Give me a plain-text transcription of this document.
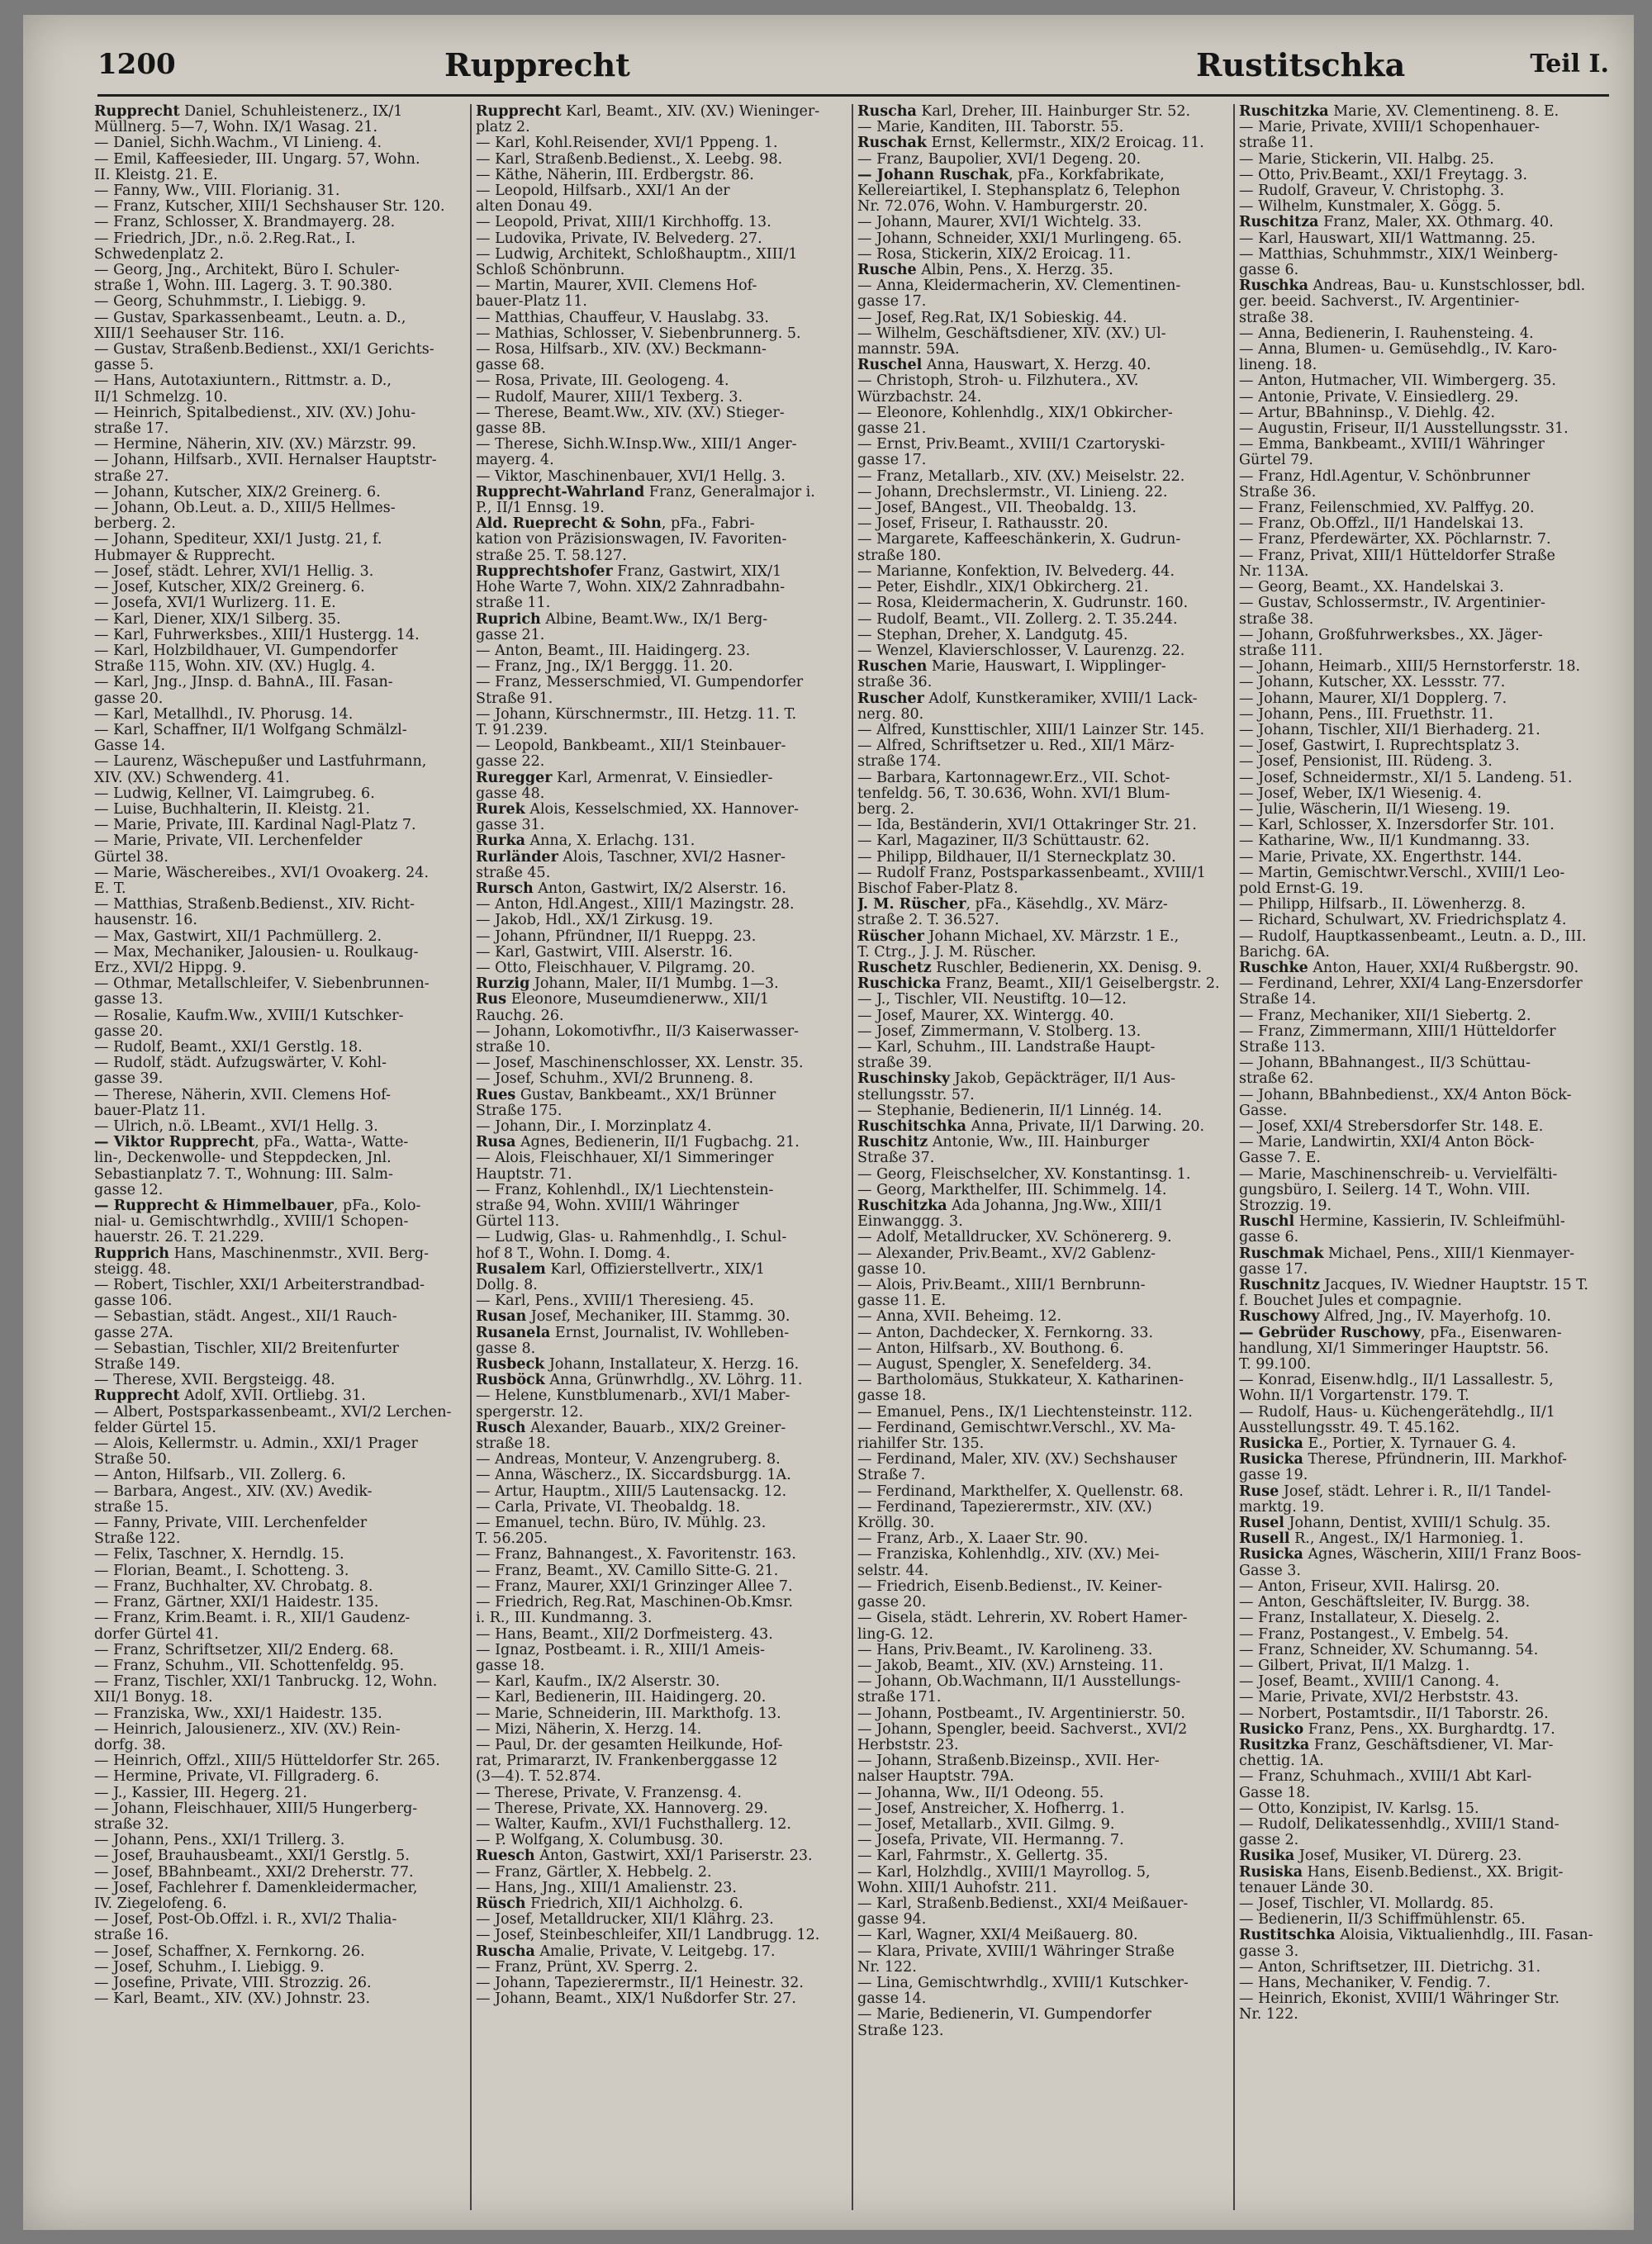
1200	Rupprecht	Rustitschka	Teil I.
Rupprecht Daniel, Schuhleistenerz., IX/1
Müllnerg. 5—7, Wohn. IX/1 Wasag. 21.
— Daniel, Sichh.Wachm., VI Linieng. 4.
— Emil, Kaffeesieder, III. Ungarg. 57, Wohn.
II. Kleistg. 21. E.
— Fanny, Ww., VIII. Florianig. 31.
— Franz, Kutscher, XIII/1 Sechshauser Str. 120.
— Franz, Schlosser, X. Brandmayerg. 28.
— Friedrich, JDr., n.ö. 2.Reg.Rat., I.
Schwedenplatz 2.
— Georg, Jng., Architekt, Büro I. Schuler-
straße 1, Wohn. III. Lagerg. 3. T. 90.380.
— Georg, Schuhmmstr., I. Liebigg. 9.
— Gustav, Sparkassenbeamt., Leutn. a. D.,
XIII/1 Seehauser Str. 116.
— Gustav, Straßenb.Bedienst., XXI/1 Gerichts-
gasse 5.
— Hans, Autotaxiuntern., Rittmstr. a. D.,
II/1 Schmelzg. 10.
— Heinrich, Spitalbedienst., XIV. (XV.) Johu-
straße 17.
— Hermine, Näherin, XIV. (XV.) Märzstr. 99.
— Johann, Hilfsarb., XVII. Hernalser Hauptstr-
straße 27.
— Johann, Kutscher, XIX/2 Greinerg. 6.
— Johann, Ob.Leut. a. D., XIII/5 Hellmes-
berberg. 2.
— Johann, Spediteur, XXI/1 Justg. 21, f.
Hubmayer & Rupprecht.
— Josef, städt. Lehrer, XVI/1 Hellig. 3.
— Josef, Kutscher, XIX/2 Greinerg. 6.
— Josefa, XVI/1 Wurlizerg. 11. E.
— Karl, Diener, XIX/1 Silberg. 35.
— Karl, Fuhrwerksbes., XIII/1 Hustergg. 14.
— Karl, Holzbildhauer, VI. Gumpendorfer
Straße 115, Wohn. XIV. (XV.) Huglg. 4.
— Karl, Jng., JInsp. d. BahnA., III. Fasan-
gasse 20.
— Karl, Metallhdl., IV. Phorusg. 14.
— Karl, Schaffner, II/1 Wolfgang Schmälzl-
Gasse 14.
— Laurenz, Wäschepußer und Lastfuhrmann,
XIV. (XV.) Schwenderg. 41.
— Ludwig, Kellner, VI. Laimgrubeg. 6.
— Luise, Buchhalterin, II. Kleistg. 21.
— Marie, Private, III. Kardinal Nagl-Platz 7.
— Marie, Private, VII. Lerchenfelder
Gürtel 38.
— Marie, Wäschereibes., XVI/1 Ovoakerg. 24.
E. T.
— Matthias, Straßenb.Bedienst., XIV. Richt-
hausenstr. 16.
— Max, Gastwirt, XII/1 Pachmüllerg. 2.
— Max, Mechaniker, Jalousien- u. Roulkaug-
Erz., XVI/2 Hippg. 9.
— Othmar, Metallschleifer, V. Siebenbrunnen-
gasse 13.
— Rosalie, Kaufm.Ww., XVIII/1 Kutschker-
gasse 20.
— Rudolf, Beamt., XXI/1 Gerstlg. 18.
— Rudolf, städt. Aufzugswärter, V. Kohl-
gasse 39.
— Therese, Näherin, XVII. Clemens Hof-
bauer-Platz 11.
— Ulrich, n.ö. LBeamt., XVI/1 Hellg. 3.
— Viktor Rupprecht, pFa., Watta-, Watte-
lin-, Deckenwolle- und Steppdecken, Jnl.
Sebastianplatz 7. T., Wohnung: III. Salm-
gasse 12.
— Rupprecht & Himmelbauer, pFa., Kolo-
nial- u. Gemischtwrhdlg., XVIII/1 Schopen-
hauerstr. 26. T. 21.229.
Rupprich Hans, Maschinenmstr., XVII. Berg-
steigg. 48.
— Robert, Tischler, XXI/1 Arbeiterstrandbad-
gasse 106.
— Sebastian, städt. Angest., XII/1 Rauch-
gasse 27A.
— Sebastian, Tischler, XII/2 Breitenfurter
Straße 149.
— Therese, XVII. Bergsteigg. 48.
Rupprecht Adolf, XVII. Ortliebg. 31.
— Albert, Postsparkassenbeamt., XVI/2 Lerchen-
felder Gürtel 15.
— Alois, Kellermstr. u. Admin., XXI/1 Prager
Straße 50.
— Anton, Hilfsarb., VII. Zollerg. 6.
— Barbara, Angest., XIV. (XV.) Avedik-
straße 15.
— Fanny, Private, VIII. Lerchenfelder
Straße 122.
— Felix, Taschner, X. Herndlg. 15.
— Florian, Beamt., I. Schotteng. 3.
— Franz, Buchhalter, XV. Chrobatg. 8.
— Franz, Gärtner, XXI/1 Haidestr. 135.
— Franz, Krim.Beamt. i. R., XII/1 Gaudenz-
dorfer Gürtel 41.
— Franz, Schriftsetzer, XII/2 Enderg. 68.
— Franz, Schuhm., VII. Schottenfeldg. 95.
— Franz, Tischler, XXI/1 Tanbruckg. 12, Wohn.
XII/1 Bonyg. 18.
— Franziska, Ww., XXI/1 Haidestr. 135.
— Heinrich, Jalousienerz., XIV. (XV.) Rein-
dorfg. 38.
— Heinrich, Offzl., XIII/5 Hütteldorfer Str. 265.
— Hermine, Private, VI. Fillgraderg. 6.
— J., Kassier, III. Hegerg. 21.
— Johann, Fleischhauer, XIII/5 Hungerberg-
straße 32.
— Johann, Pens., XXI/1 Trillerg. 3.
— Josef, Brauhausbeamt., XXI/1 Gerstlg. 5.
— Josef, BBahnbeamt., XXI/2 Dreherstr. 77.
— Josef, Fachlehrer f. Damenkleidermacher,
IV. Ziegelofeng. 6.
— Josef, Post-Ob.Offzl. i. R., XVI/2 Thalia-
straße 16.
— Josef, Schaffner, X. Fernkorng. 26.
— Josef, Schuhm., I. Liebigg. 9.
— Josefine, Private, VIII. Strozzig. 26.
— Karl, Beamt., XIV. (XV.) Johnstr. 23.
Rupprecht Karl, Beamt., XIV. (XV.) Wieninger-
platz 2.
— Karl, Kohl.Reisender, XVI/1 Pppeng. 1.
— Karl, Straßenb.Bedienst., X. Leebg. 98.
— Käthe, Näherin, III. Erdbergstr. 86.
— Leopold, Hilfsarb., XXI/1 An der
alten Donau 49.
— Leopold, Privat, XIII/1 Kirchhoffg. 13.
— Ludovika, Private, IV. Belvederg. 27.
— Ludwig, Architekt, Schloßhauptm., XIII/1
Schloß Schönbrunn.
— Martin, Maurer, XVII. Clemens Hof-
bauer-Platz 11.
— Matthias, Chauffeur, V. Hauslabg. 33.
— Mathias, Schlosser, V. Siebenbrunnerg. 5.
— Rosa, Hilfsarb., XIV. (XV.) Beckmann-
gasse 68.
— Rosa, Private, III. Geologeng. 4.
— Rudolf, Maurer, XIII/1 Texberg. 3.
— Therese, Beamt.Ww., XIV. (XV.) Stieger-
gasse 8B.
— Therese, Sichh.W.Insp.Ww., XIII/1 Anger-
mayerg. 4.
— Viktor, Maschinenbauer, XVI/1 Hellg. 3.
Rupprecht-Wahrland Franz, Generalmajor i.
P., II/1 Ennsg. 19.
Ald. Rueprecht & Sohn, pFa., Fabri-
kation von Präzisionswagen, IV. Favoriten-
straße 25. T. 58.127.
Rupprechtshofer Franz, Gastwirt, XIX/1
Hohe Warte 7, Wohn. XIX/2 Zahnradbahn-
straße 11.
Ruprich Albine, Beamt.Ww., IX/1 Berg-
gasse 21.
— Anton, Beamt., III. Haidingerg. 23.
— Franz, Jng., IX/1 Berggg. 11. 20.
— Franz, Messerschmied, VI. Gumpendorfer
Straße 91.
— Johann, Kürschnermstr., III. Hetzg. 11. T.
T. 91.239.
— Leopold, Bankbeamt., XII/1 Steinbauer-
gasse 22.
Ruregger Karl, Armenrat, V. Einsiedler-
gasse 48.
Rurek Alois, Kesselschmied, XX. Hannover-
gasse 31.
Rurka Anna, X. Erlachg. 131.
Rurländer Alois, Taschner, XVI/2 Hasner-
straße 45.
Rursch Anton, Gastwirt, IX/2 Alserstr. 16.
— Anton, Hdl.Angest., XIII/1 Mazingstr. 28.
— Jakob, Hdl., XX/1 Zirkusg. 19.
— Johann, Pfründner, II/1 Rueppg. 23.
— Karl, Gastwirt, VIII. Alserstr. 16.
— Otto, Fleischhauer, V. Pilgramg. 20.
Rurzig Johann, Maler, II/1 Mumbg. 1—3.
Rus Eleonore, Museumdienerww., XII/1
Rauchg. 26.
— Johann, Lokomotivfhr., II/3 Kaiserwasser-
straße 10.
— Josef, Maschinenschlosser, XX. Lenstr. 35.
— Josef, Schuhm., XVI/2 Brunneng. 8.
Rues Gustav, Bankbeamt., XX/1 Brünner
Straße 175.
— Johann, Dir., I. Morzinplatz 4.
Rusa Agnes, Bedienerin, II/1 Fugbachg. 21.
— Alois, Fleischhauer, XI/1 Simmeringer
Hauptstr. 71.
— Franz, Kohlenhdl., IX/1 Liechtenstein-
straße 94, Wohn. XVIII/1 Währinger
Gürtel 113.
— Ludwig, Glas- u. Rahmenhdlg., I. Schul-
hof 8 T., Wohn. I. Domg. 4.
Rusalem Karl, Offizierstellvertr., XIX/1
Dollg. 8.
— Karl, Pens., XVIII/1 Theresieng. 45.
Rusan Josef, Mechaniker, III. Stammg. 30.
Rusanela Ernst, Journalist, IV. Wohlleben-
gasse 8.
Rusbeck Johann, Installateur, X. Herzg. 16.
Rusböck Anna, Grünwrhdlg., XV. Löhrg. 11.
— Helene, Kunstblumenarb., XVI/1 Maber-
spergerstr. 12.
Rusch Alexander, Bauarb., XIX/2 Greiner-
straße 18.
— Andreas, Monteur, V. Anzengruberg. 8.
— Anna, Wäscherz., IX. Siccardsburgg. 1A.
— Artur, Hauptm., XIII/5 Lautensackg. 12.
— Carla, Private, VI. Theobaldg. 18.
— Emanuel, techn. Büro, IV. Mühlg. 23.
T. 56.205.
— Franz, Bahnangest., X. Favoritenstr. 163.
— Franz, Beamt., XV. Camillo Sitte-G. 21.
— Franz, Maurer, XXI/1 Grinzinger Allee 7.
— Friedrich, Reg.Rat, Maschinen-Ob.Kmsr.
i. R., III. Kundmanng. 3.
— Hans, Beamt., XII/2 Dorfmeisterg. 43.
— Ignaz, Postbeamt. i. R., XIII/1 Ameis-
gasse 18.
— Karl, Kaufm., IX/2 Alserstr. 30.
— Karl, Bedienerin, III. Haidingerg. 20.
— Marie, Schneiderin, III. Markthofg. 13.
— Mizi, Näherin, X. Herzg. 14.
— Paul, Dr. der gesamten Heilkunde, Hof-
rat, Primararzt, IV. Frankenberggasse 12
(3—4). T. 52.874.
— Therese, Private, V. Franzensg. 4.
— Therese, Private, XX. Hannoverg. 29.
— Walter, Kaufm., XVI/1 Fuchsthallerg. 12.
— P. Wolfgang, X. Columbusg. 30.
Ruesch Anton, Gastwirt, XXI/1 Pariserstr. 23.
— Franz, Gärtler, X. Hebbelg. 2.
— Hans, Jng., XIII/1 Amalienstr. 23.
Rüsch Friedrich, XII/1 Aichholzg. 6.
— Josef, Metalldrucker, XII/1 Klährg. 23.
— Josef, Steinbeschleifer, XII/1 Landbrugg. 12.
Ruscha Amalie, Private, V. Leitgebg. 17.
— Franz, Prünt, XV. Sperrg. 2.
— Johann, Tapezierermstr., II/1 Heinestr. 32.
— Johann, Beamt., XIX/1 Nußdorfer Str. 27.
Ruscha Karl, Dreher, III. Hainburger Str. 52.
— Marie, Kanditen, III. Taborstr. 55.
Ruschak Ernst, Kellermstr., XIX/2 Eroicag. 11.
— Franz, Baupolier, XVI/1 Degeng. 20.
— Johann Ruschak, pFa., Korkfabrikate,
Kellereiartikel, I. Stephansplatz 6, Telephon
Nr. 72.076, Wohn. V. Hamburgerstr. 20.
— Johann, Maurer, XVI/1 Wichtelg. 33.
— Johann, Schneider, XXI/1 Murlingeng. 65.
— Rosa, Stickerin, XIX/2 Eroicag. 11.
Rusche Albin, Pens., X. Herzg. 35.
— Anna, Kleidermacherin, XV. Clementinen-
gasse 17.
— Josef, Reg.Rat, IX/1 Sobieskig. 44.
— Wilhelm, Geschäftsdiener, XIV. (XV.) Ul-
mannstr. 59A.
Ruschel Anna, Hauswart, X. Herzg. 40.
— Christoph, Stroh- u. Filzhutera., XV.
Würzbachstr. 24.
— Eleonore, Kohlenhdlg., XIX/1 Obkircher-
gasse 21.
— Ernst, Priv.Beamt., XVIII/1 Czartoryski-
gasse 17.
— Franz, Metallarb., XIV. (XV.) Meiselstr. 22.
— Johann, Drechslermstr., VI. Linieng. 22.
— Josef, BAngest., VII. Theobaldg. 13.
— Josef, Friseur, I. Rathausstr. 20.
— Margarete, Kaffeeschänkerin, X. Gudrun-
straße 180.
— Marianne, Konfektion, IV. Belvederg. 44.
— Peter, Eishdlr., XIX/1 Obkircherg. 21.
— Rosa, Kleidermacherin, X. Gudrunstr. 160.
— Rudolf, Beamt., VII. Zollerg. 2. T. 35.244.
— Stephan, Dreher, X. Landgutg. 45.
— Wenzel, Klavierschlosser, V. Laurenzg. 22.
Ruschen Marie, Hauswart, I. Wipplinger-
straße 36.
Ruscher Adolf, Kunstkeramiker, XVIII/1 Lack-
nerg. 80.
— Alfred, Kunsttischler, XIII/1 Lainzer Str. 145.
— Alfred, Schriftsetzer u. Red., XII/1 März-
straße 174.
— Barbara, Kartonnagewr.Erz., VII. Schot-
tenfeldg. 56, T. 30.636, Wohn. XVI/1 Blum-
berg. 2.
— Ida, Beständerin, XVI/1 Ottakringer Str. 21.
— Karl, Magaziner, II/3 Schüttaustr. 62.
— Philipp, Bildhauer, II/1 Sterneckplatz 30.
— Rudolf Franz, Postsparkassenbeamt., XVIII/1
Bischof Faber-Platz 8.
J. M. Rüscher, pFa., Käsehdlg., XV. März-
straße 2. T. 36.527.
Rüscher Johann Michael, XV. Märzstr. 1 E.,
T. Ctrg., J. J. M. Rüscher.
Ruschetz Ruschler, Bedienerin, XX. Denisg. 9.
Ruschicka Franz, Beamt., XII/1 Geiselbergstr. 2.
— J., Tischler, VII. Neustiftg. 10—12.
— Josef, Maurer, XX. Wintergg. 40.
— Josef, Zimmermann, V. Stolberg. 13.
— Karl, Schuhm., III. Landstraße Haupt-
straße 39.
Ruschinsky Jakob, Gepäckträger, II/1 Aus-
stellungsstr. 57.
— Stephanie, Bedienerin, II/1 Linnég. 14.
Ruschitschka Anna, Private, II/1 Darwing. 20.
Ruschitz Antonie, Ww., III. Hainburger
Straße 37.
— Georg, Fleischselcher, XV. Konstantinsg. 1.
— Georg, Markthelfer, III. Schimmelg. 14.
Ruschitzka Ada Johanna, Jng.Ww., XIII/1
Einwanggg. 3.
— Adolf, Metalldrucker, XV. Schönererg. 9.
— Alexander, Priv.Beamt., XV/2 Gablenz-
gasse 10.
— Alois, Priv.Beamt., XIII/1 Bernbrunn-
gasse 11. E.
— Anna, XVII. Beheimg. 12.
— Anton, Dachdecker, X. Fernkorng. 33.
— Anton, Hilfsarb., XV. Bouthong. 6.
— August, Spengler, X. Senefelderg. 34.
— Bartholomäus, Stukkateur, X. Katharinen-
gasse 18.
— Emanuel, Pens., IX/1 Liechtensteinstr. 112.
— Ferdinand, Gemischtwr.Verschl., XV. Ma-
riahilfer Str. 135.
— Ferdinand, Maler, XIV. (XV.) Sechshauser
Straße 7.
— Ferdinand, Markthelfer, X. Quellenstr. 68.
— Ferdinand, Tapezierermstr., XIV. (XV.)
Kröllg. 30.
— Franz, Arb., X. Laaer Str. 90.
— Franziska, Kohlenhdlg., XIV. (XV.) Mei-
selstr. 44.
— Friedrich, Eisenb.Bedienst., IV. Keiner-
gasse 20.
— Gisela, städt. Lehrerin, XV. Robert Hamer-
ling-G. 12.
— Hans, Priv.Beamt., IV. Karolineng. 33.
— Jakob, Beamt., XIV. (XV.) Arnsteing. 11.
— Johann, Ob.Wachmann, II/1 Ausstellungs-
straße 171.
— Johann, Postbeamt., IV. Argentinierstr. 50.
— Johann, Spengler, beeid. Sachverst., XVI/2
Herbststr. 23.
— Johann, Straßenb.Bizeinsp., XVII. Her-
nalser Hauptstr. 79A.
— Johanna, Ww., II/1 Odeong. 55.
— Josef, Anstreicher, X. Hofherrg. 1.
— Josef, Metallarb., XVII. Gilmg. 9.
— Josefa, Private, VII. Hermanng. 7.
— Karl, Fahrmstr., X. Gellertg. 35.
— Karl, Holzhdlg., XVIII/1 Mayrollog. 5,
Wohn. XIII/1 Auhofstr. 211.
— Karl, Straßenb.Bedienst., XXI/4 Meißauer-
gasse 94.
— Karl, Wagner, XXI/4 Meißauerg. 80.
— Klara, Private, XVIII/1 Währinger Straße
Nr. 122.
— Lina, Gemischtwrhdlg., XVIII/1 Kutschker-
gasse 14.
— Marie, Bedienerin, VI. Gumpendorfer
Straße 123.
Ruschitzka Marie, XV. Clementineng. 8. E.
— Marie, Private, XVIII/1 Schopenhauer-
straße 11.
— Marie, Stickerin, VII. Halbg. 25.
— Otto, Priv.Beamt., XXI/1 Freytagg. 3.
— Rudolf, Graveur, V. Christophg. 3.
— Wilhelm, Kunstmaler, X. Gögg. 5.
Ruschitza Franz, Maler, XX. Othmarg. 40.
— Karl, Hauswart, XII/1 Wattmanng. 25.
— Matthias, Schuhmmstr., XIX/1 Weinberg-
gasse 6.
Ruschka Andreas, Bau- u. Kunstschlosser, bdl.
ger. beeid. Sachverst., IV. Argentinier-
straße 38.
— Anna, Bedienerin, I. Rauhensteing. 4.
— Anna, Blumen- u. Gemüsehdlg., IV. Karo-
lineng. 18.
— Anton, Hutmacher, VII. Wimbergerg. 35.
— Antonie, Private, V. Einsiedlerg. 29.
— Artur, BBahninsp., V. Diehlg. 42.
— Augustin, Friseur, II/1 Ausstellungsstr. 31.
— Emma, Bankbeamt., XVIII/1 Währinger
Gürtel 79.
— Franz, Hdl.Agentur, V. Schönbrunner
Straße 36.
— Franz, Feilenschmied, XV. Palffyg. 20.
— Franz, Ob.Offzl., II/1 Handelskai 13.
— Franz, Pferdewärter, XX. Pöchlarnstr. 7.
— Franz, Privat, XIII/1 Hütteldorfer Straße
Nr. 113A.
— Georg, Beamt., XX. Handelskai 3.
— Gustav, Schlossermstr., IV. Argentinier-
straße 38.
— Johann, Großfuhrwerksbes., XX. Jäger-
straße 111.
— Johann, Heimarb., XIII/5 Hernstorferstr. 18.
— Johann, Kutscher, XX. Lessstr. 77.
— Johann, Maurer, XI/1 Dopplerg. 7.
— Johann, Pens., III. Fruethstr. 11.
— Johann, Tischler, XII/1 Bierhaderg. 21.
— Josef, Gastwirt, I. Ruprechtsplatz 3.
— Josef, Pensionist, III. Rüdeng. 3.
— Josef, Schneidermstr., XI/1 5. Landeng. 51.
— Josef, Weber, IX/1 Wiesenig. 4.
— Julie, Wäscherin, II/1 Wieseng. 19.
— Karl, Schlosser, X. Inzersdorfer Str. 101.
— Katharine, Ww., II/1 Kundmanng. 33.
— Marie, Private, XX. Engerthstr. 144.
— Martin, Gemischtwr.Verschl., XVIII/1 Leo-
pold Ernst-G. 19.
— Philipp, Hilfsarb., II. Löwenherzg. 8.
— Richard, Schulwart, XV. Friedrichsplatz 4.
— Rudolf, Hauptkassenbeamt., Leutn. a. D., III.
Barichg. 6A.
Ruschke Anton, Hauer, XXI/4 Rußbergstr. 90.
— Ferdinand, Lehrer, XXI/4 Lang-Enzersdorfer
Straße 14.
— Franz, Mechaniker, XII/1 Siebertg. 2.
— Franz, Zimmermann, XIII/1 Hütteldorfer
Straße 113.
— Johann, BBahnangest., II/3 Schüttau-
straße 62.
— Johann, BBahnbedienst., XX/4 Anton Böck-
Gasse.
— Josef, XXI/4 Strebersdorfer Str. 148. E.
— Marie, Landwirtin, XXI/4 Anton Böck-
Gasse 7. E.
— Marie, Maschinenschreib- u. Vervielfälti-
gungsbüro, I. Seilerg. 14 T., Wohn. VIII.
Strozzig. 19.
Ruschl Hermine, Kassierin, IV. Schleifmühl-
gasse 6.
Ruschmak Michael, Pens., XIII/1 Kienmayer-
gasse 17.
Ruschnitz Jacques, IV. Wiedner Hauptstr. 15 T.
f. Bouchet Jules et compagnie.
Ruschowy Alfred, Jng., IV. Mayerhofg. 10.
— Gebrüder Ruschowy, pFa., Eisenwaren-
handlung, XI/1 Simmeringer Hauptstr. 56.
T. 99.100.
— Konrad, Eisenw.hdlg., II/1 Lassallestr. 5,
Wohn. II/1 Vorgartenstr. 179. T.
— Rudolf, Haus- u. Küchengerätehdlg., II/1
Ausstellungsstr. 49. T. 45.162.
Rusicka E., Portier, X. Tyrnauer G. 4.
Rusicka Therese, Pfründnerin, III. Markhof-
gasse 19.
Ruse Josef, städt. Lehrer i. R., II/1 Tandel-
marktg. 19.
Rusel Johann, Dentist, XVIII/1 Schulg. 35.
Rusell R., Angest., IX/1 Harmonieg. 1.
Rusicka Agnes, Wäscherin, XIII/1 Franz Boos-
Gasse 3.
— Anton, Friseur, XVII. Halirsg. 20.
— Anton, Geschäftsleiter, IV. Burgg. 38.
— Franz, Installateur, X. Dieselg. 2.
— Franz, Postangest., V. Embelg. 54.
— Franz, Schneider, XV. Schumanng. 54.
— Gilbert, Privat, II/1 Malzg. 1.
— Josef, Beamt., XVIII/1 Canong. 4.
— Marie, Private, XVI/2 Herbststr. 43.
— Norbert, Postamtsdir., II/1 Taborstr. 26.
Rusicko Franz, Pens., XX. Burghardtg. 17.
Rusitzka Franz, Geschäftsdiener, VI. Mar-
chettig. 1A.
— Franz, Schuhmach., XVIII/1 Abt Karl-
Gasse 18.
— Otto, Konzipist, IV. Karlsg. 15.
— Rudolf, Delikatessenhdlg., XVIII/1 Stand-
gasse 2.
Rusika Josef, Musiker, VI. Dürerg. 23.
Rusiska Hans, Eisenb.Bedienst., XX. Brigit-
tenauer Lände 30.
— Josef, Tischler, VI. Mollardg. 85.
— Bedienerin, II/3 Schiffmühlenstr. 65.
Rustitschka Aloisia, Viktualienhdlg., III. Fasan-
gasse 3.
— Anton, Schriftsetzer, III. Dietrichg. 31.
— Hans, Mechaniker, V. Fendig. 7.
— Heinrich, Ekonist, XVIII/1 Währinger Str.
Nr. 122.
